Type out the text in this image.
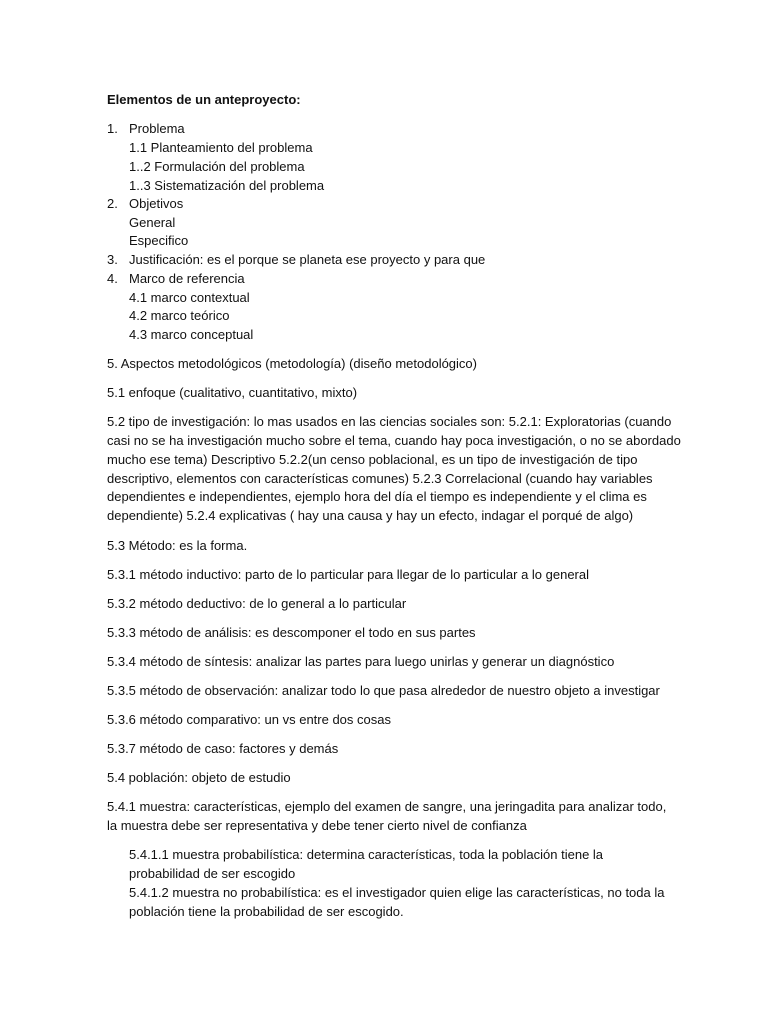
Elementos de un anteproyecto:
1. Problema
1.1 Planteamiento del problema
1..2 Formulación del problema
1..3 Sistematización del problema
2. Objetivos
General
Especifico
3. Justificación: es el porque se planeta ese proyecto y para que
4. Marco de referencia
4.1 marco contextual
4.2 marco teórico
4.3 marco conceptual
5. Aspectos metodológicos (metodología) (diseño metodológico)
5.1 enfoque (cualitativo, cuantitativo, mixto)
5.2 tipo de investigación: lo mas usados en las ciencias sociales son: 5.2.1: Exploratorias (cuando
casi no se ha investigación mucho sobre el tema, cuando hay poca investigación, o no se abordado
mucho ese tema) Descriptivo 5.2.2(un censo poblacional, es un tipo de investigación de tipo
descriptivo, elementos con características comunes) 5.2.3 Correlacional (cuando hay variables
dependientes e independientes, ejemplo hora del día el tiempo es independiente y el clima es
dependiente) 5.2.4 explicativas ( hay una causa y hay un efecto, indagar el porqué de algo)
5.3 Método: es la forma.
5.3.1 método inductivo: parto de lo particular para llegar de lo particular a lo general
5.3.2 método deductivo: de lo general a lo particular
5.3.3 método de análisis: es descomponer el todo en sus partes
5.3.4 método de síntesis: analizar las partes para luego unirlas y generar un diagnóstico
5.3.5 método de observación: analizar todo lo que pasa alrededor de nuestro objeto a investigar
5.3.6 método comparativo: un vs entre dos cosas
5.3.7 método de caso: factores y demás
5.4 población: objeto de estudio
5.4.1 muestra: características, ejemplo del examen de sangre, una jeringadita para analizar todo,
la muestra debe ser representativa y debe tener cierto nivel de confianza
5.4.1.1 muestra probabilística: determina características, toda la población tiene la
probabilidad de ser escogido
5.4.1.2 muestra no probabilística: es el investigador quien elige las características, no toda la
población tiene la probabilidad de ser escogido.
